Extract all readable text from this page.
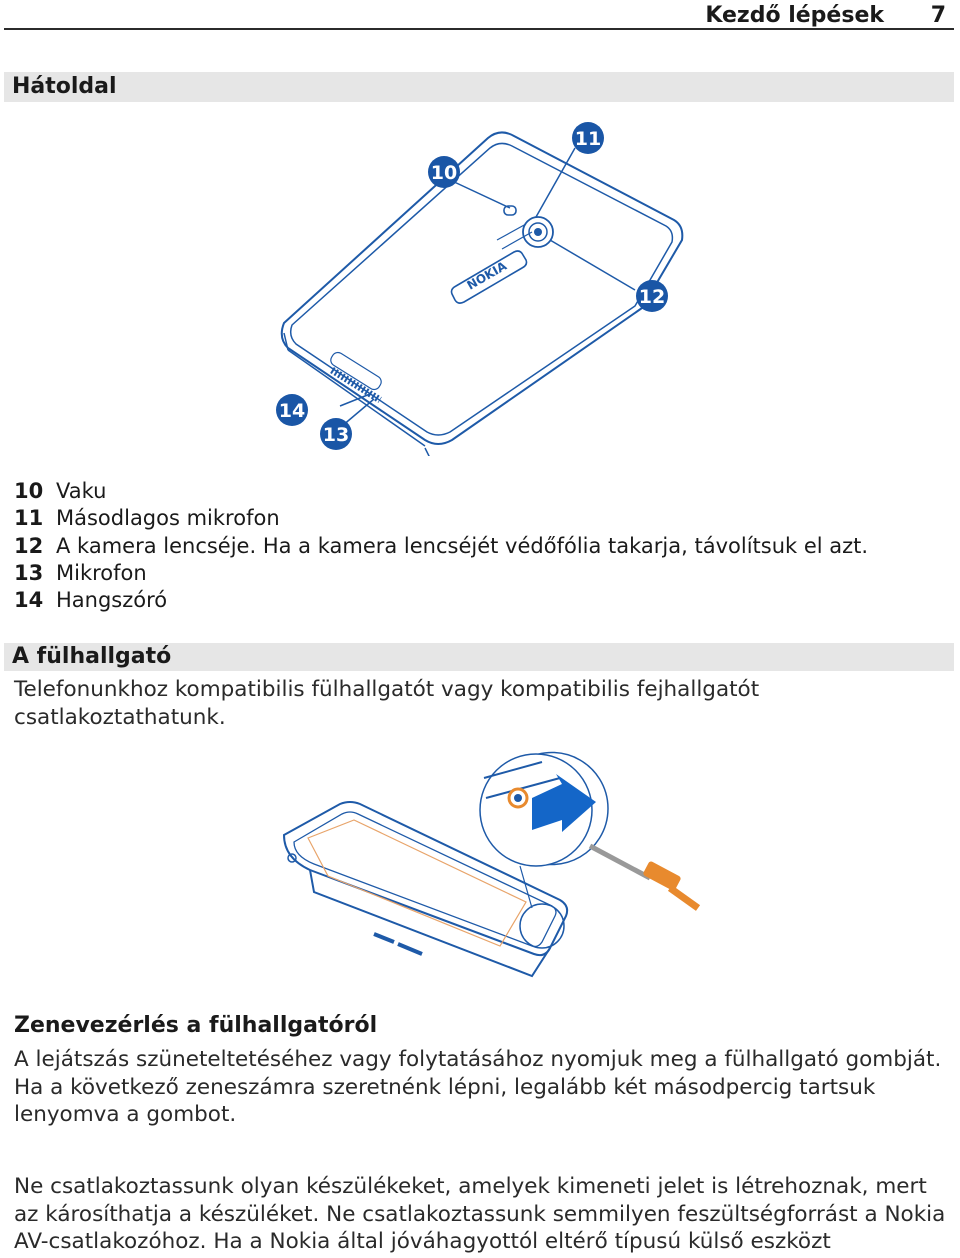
Kezdő lépések 7
Hátoldal
NOKIA
10
11
12
13
14
10 Vaku
11 Másodlagos mikrofon
12 A kamera lencséje. Ha a kamera lencséjét védőfólia takarja, távolítsuk el azt.
13 Mikrofon
14 Hangszóró
A fülhallgató
Telefonunkhoz kompatibilis fülhallgatót vagy kompatibilis fejhallgatót csatlakoztathatunk.
Zenevezérlés a fülhallgatóról
A lejátszás szüneteltetéséhez vagy folytatásához nyomjuk meg a fülhallgató gombját. Ha a következő zeneszámra szeretnénk lépni, legalább két másodpercig tartsuk lenyomva a gombot.
Ne csatlakoztassunk olyan készülékeket, amelyek kimeneti jelet is létrehoznak, mert az károsíthatja a készüléket. Ne csatlakoztassunk semmilyen feszültségforrást a Nokia AV-csatlakozóhoz. Ha a Nokia által jóváhagyottól eltérő típusú külső eszközt
